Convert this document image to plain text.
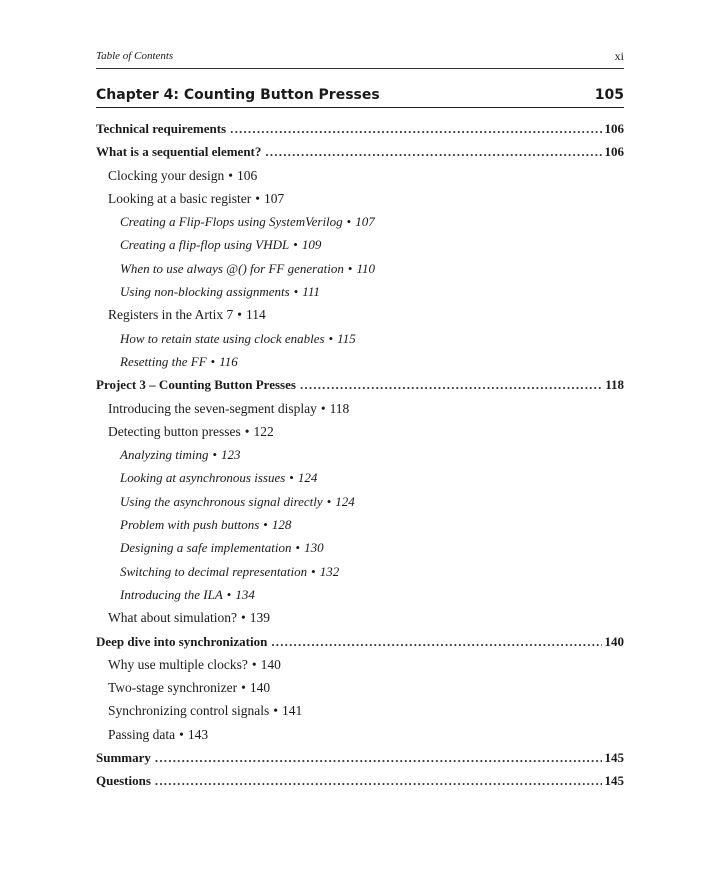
Table of Contents	xi
Chapter 4: Counting Button Presses	105
Technical requirements .....	106
What is a sequential element? .....	106
Clocking your design • 106
Looking at a basic register • 107
Creating a Flip-Flops using SystemVerilog • 107
Creating a flip-flop using VHDL • 109
When to use always @() for FF generation • 110
Using non-blocking assignments • 111
Registers in the Artix 7 • 114
How to retain state using clock enables • 115
Resetting the FF • 116
Project 3 – Counting Button Presses .....	118
Introducing the seven-segment display • 118
Detecting button presses • 122
Analyzing timing • 123
Looking at asynchronous issues • 124
Using the asynchronous signal directly • 124
Problem with push buttons • 128
Designing a safe implementation • 130
Switching to decimal representation • 132
Introducing the ILA • 134
What about simulation? • 139
Deep dive into synchronization .....	140
Why use multiple clocks? • 140
Two-stage synchronizer • 140
Synchronizing control signals • 141
Passing data • 143
Summary .....	145
Questions .....	145
